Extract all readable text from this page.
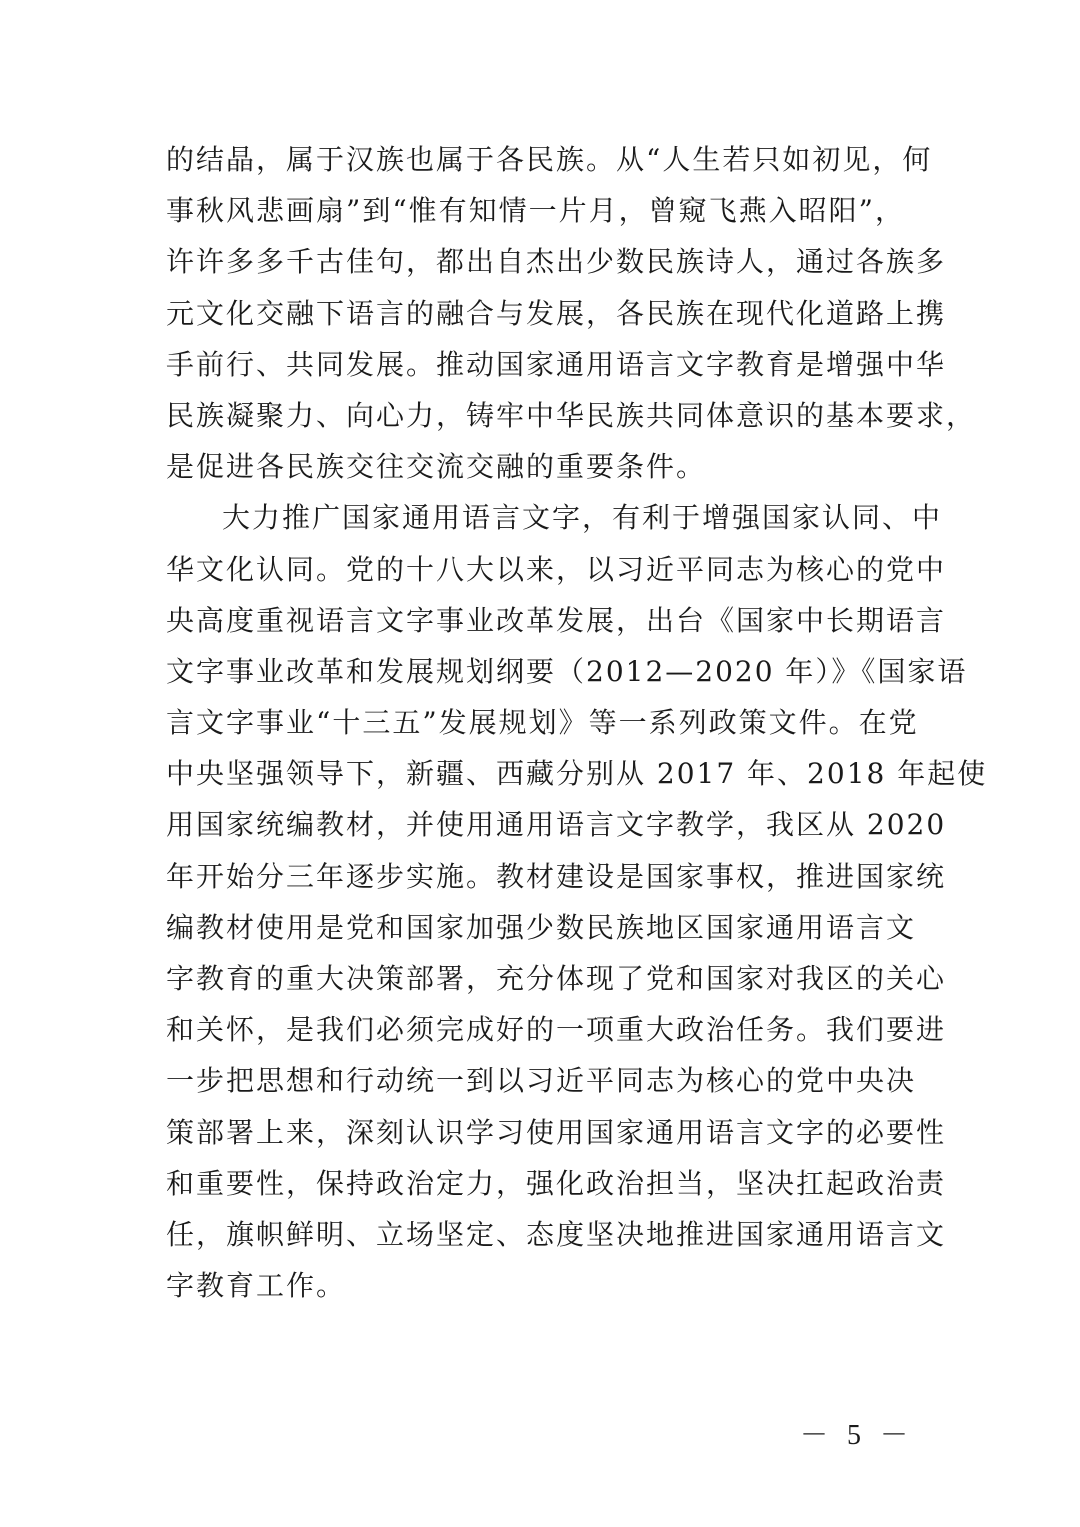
的结晶，属于汉族也属于各民族。从“人生若只如初见，何
事秋风悲画扇”到“惟有知情一片月，曾窥飞燕入昭阳”，
许许多多千古佳句，都出自杰出少数民族诗人，通过各族多
元文化交融下语言的融合与发展，各民族在现代化道路上携
手前行、共同发展。推动国家通用语言文字教育是增强中华
民族凝聚力、向心力，铸牢中华民族共同体意识的基本要求，
是促进各民族交往交流交融的重要条件。
大力推广国家通用语言文字，有利于增强国家认同、中
华文化认同。党的十八大以来，以习近平同志为核心的党中
央高度重视语言文字事业改革发展，出台《国家中长期语言
文字事业改革和发展规划纲要（2012—2020 年）》《国家语
言文字事业“十三五”发展规划》等一系列政策文件。在党
中央坚强领导下，新疆、西藏分别从 2017 年、2018 年起使
用国家统编教材，并使用通用语言文字教学，我区从 2020
年开始分三年逐步实施。教材建设是国家事权，推进国家统
编教材使用是党和国家加强少数民族地区国家通用语言文
字教育的重大决策部署，充分体现了党和国家对我区的关心
和关怀，是我们必须完成好的一项重大政治任务。我们要进
一步把思想和行动统一到以习近平同志为核心的党中央决
策部署上来，深刻认识学习使用国家通用语言文字的必要性
和重要性，保持政治定力，强化政治担当，坚决扛起政治责
任，旗帜鲜明、立场坚定、态度坚决地推进国家通用语言文
字教育工作。
－ 5 －
